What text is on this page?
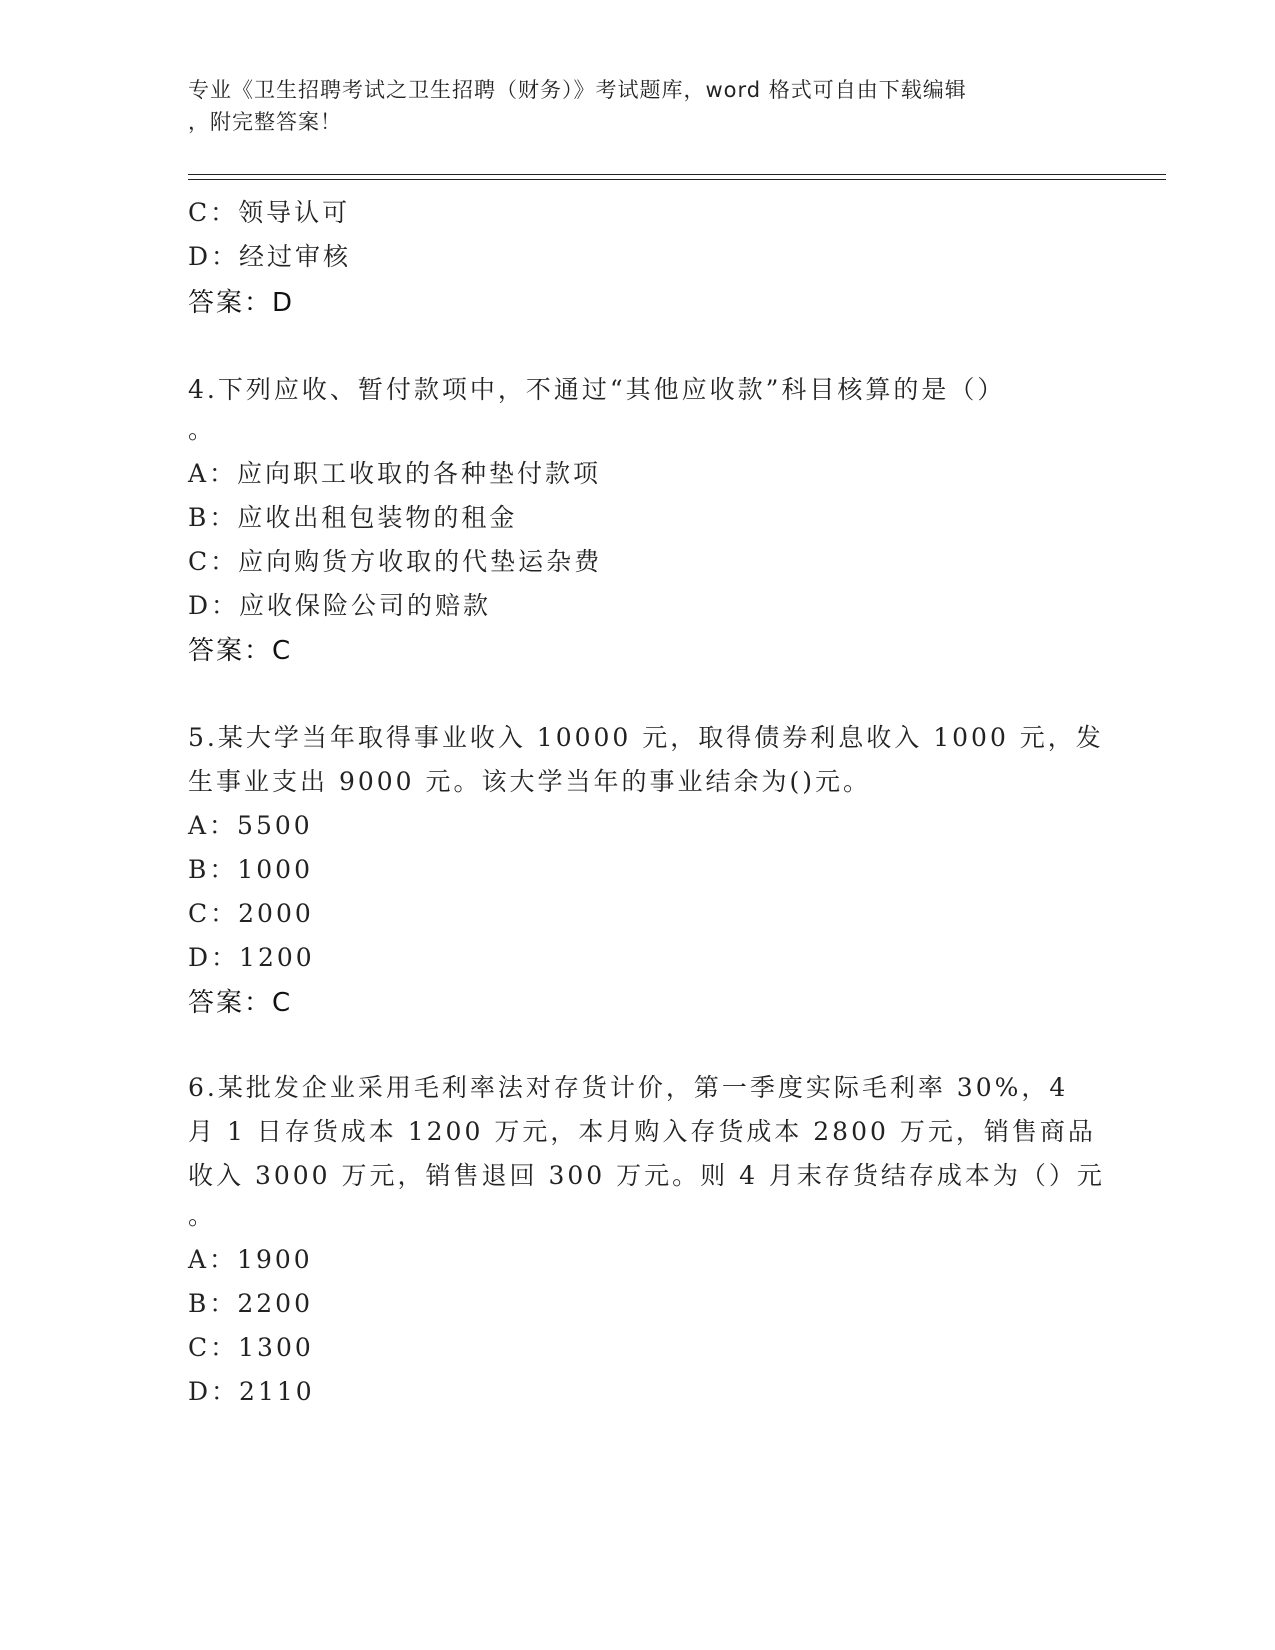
专业《卫生招聘考试之卫生招聘（财务）》考试题库，word 格式可自由下载编辑
，附完整答案！
C：领导认可
D：经过审核
答案：D
4.下列应收、暂付款项中，不通过“其他应收款”科目核算的是（）
。
A：应向职工收取的各种垫付款项
B：应收出租包装物的租金
C：应向购货方收取的代垫运杂费
D：应收保险公司的赔款
答案：C
5.某大学当年取得事业收入 10000 元，取得债券利息收入 1000 元，发
生事业支出 9000 元。该大学当年的事业结余为()元。
A：5500
B：1000
C：2000
D：1200
答案：C
6.某批发企业采用毛利率法对存货计价，第一季度实际毛利率 30%，4
月 1 日存货成本 1200 万元，本月购入存货成本 2800 万元，销售商品
收入 3000 万元，销售退回 300 万元。则 4 月末存货结存成本为（）元
。
A：1900
B：2200
C：1300
D：2110
